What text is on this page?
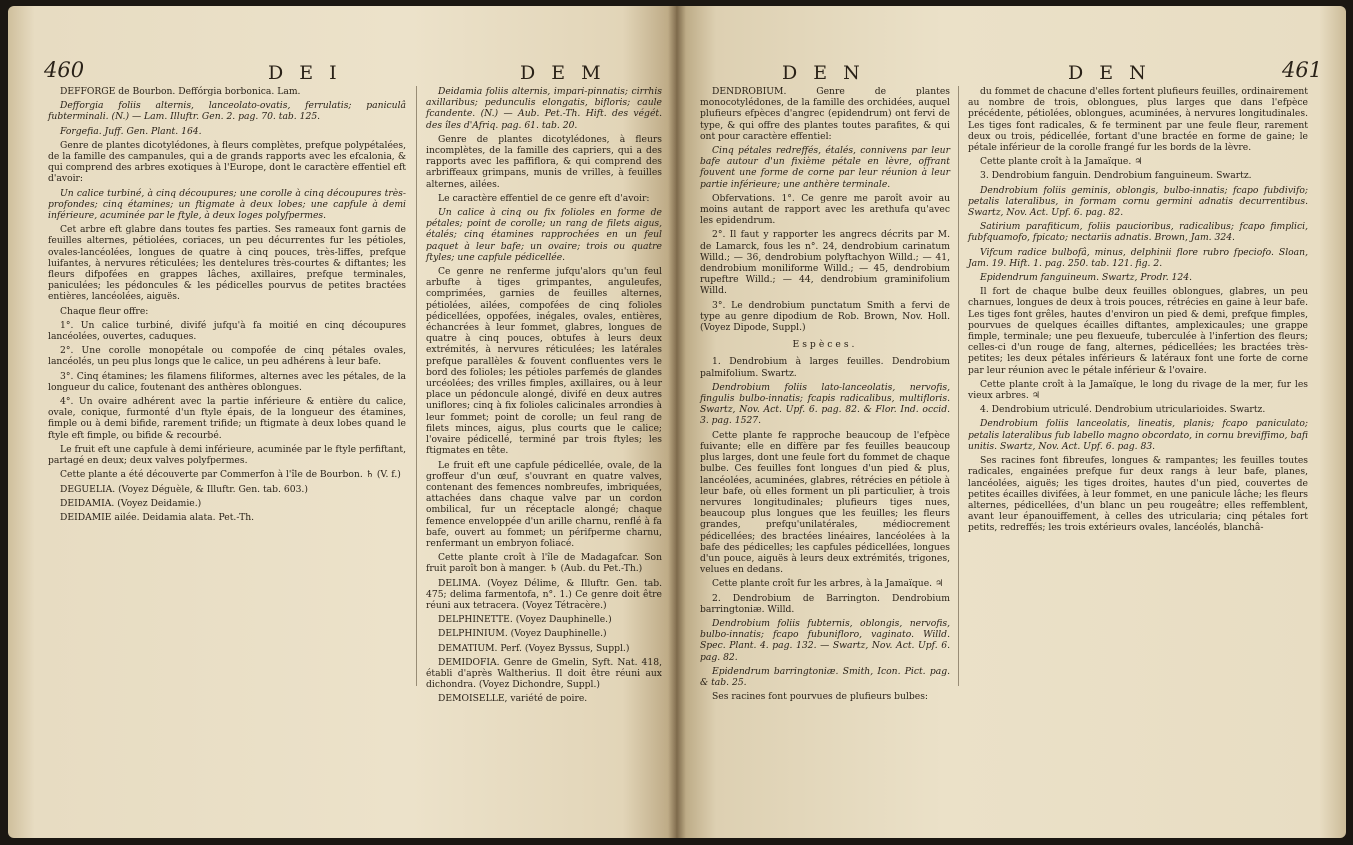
460	D E I	D E M

DEFFORGE de Bourbon. Deffórgia borbonica. Lam.

Defforgia foliis alternis, lanceolato-ovatis, ferrulatis; paniculâ fubterminali. (N.) — Lam. Illuftr. Gen. 2. pag. 70. tab. 125.

Forgefia. Juff. Gen. Plant. 164.

Genre de plantes dicotylédones, à fleurs complètes, prefque polypétalées, de la famille des campanules, qui a de grands rapports avec les efcalonia, & qui comprend des arbres exotiques à l'Europe, dont le caractère effentiel eft d'avoir:

Un calice turbiné, à cinq découpures; une corolle à cinq découpures très-profondes; cinq étamines; un ftigmate à deux lobes; une capfule à demi inférieure, acuminée par le ftyle, à deux loges polyfpermes.

Cet arbre eft glabre dans toutes fes parties. Ses rameaux font garnis de feuilles alternes, pétiolées, coriaces, un peu décurrentes fur les pétioles, ovales-lancéolées, longues de quatre à cinq pouces, très-liffes, prefque luifantes, à nervures réticulées; les dentelures très-courtes & diftantes; les fleurs difpofées en grappes lâches, axillaires, prefque terminales, paniculées; les pédoncules & les pédicelles pourvus de petites bractées entières, lancéolées, aiguës.

Chaque fleur offre:

1°. Un calice turbiné, divifé jufqu'à fa moitié en cinq découpures lancéolées, ouvertes, caduques.

2°. Une corolle monopétale ou compofée de cinq pétales ovales, lancéolés, un peu plus longs que le calice, un peu adhérens à leur bafe.

3°. Cinq étamines; les filamens filiformes, alternes avec les pétales, de la longueur du calice, foutenant des anthères oblongues.

4°. Un ovaire adhérent avec la partie inférieure & entière du calice, ovale, conique, furmonté d'un ftyle épais, de la longueur des étamines, fimple ou à demi bifide, rarement trifide; un ftigmate à deux lobes quand le ftyle eft fimple, ou bifide & recourbé.

Le fruit eft une capfule à demi inférieure, acuminée par le ftyle perfiftant, partagé en deux; deux valves polyfpermes.

Cette plante a été découverte par Commerfon à l'île de Bourbon. ♄ (V. f.)

DEGUELIA. (Voyez Déguèle, & Illuftr. Gen. tab. 603.)

DEIDAMIA. (Voyez Deidamie.)

DEIDAMIE ailée. Deidamia alata. Pet.-Th.

Deidamia foliis alternis, impari-pinnatis; cirrhis axillaribus; pedunculis elongatis, bifloris; caule fcandente. (N.) — Aub. Pet.-Th. Hift. des végét. des îles d'Afriq. pag. 61. tab. 20.

Genre de plantes dicotylédones, à fleurs incomplètes, de la famille des capriers, qui a des rapports avec les paffiflora, & qui comprend des arbriffeaux grimpans, munis de vrilles, à feuilles alternes, ailées.

Le caractère effentiel de ce genre eft d'avoir:

Un calice à cinq ou fix folioles en forme de pétales; point de corolle; un rang de filets aigus, étalés; cinq étamines rapprochées en un feul paquet à leur bafe; un ovaire; trois ou quatre ftyles; une capfule pédicellée.

Ce genre ne renferme jufqu'alors qu'un feul arbufte à tiges grimpantes, anguleufes, comprimées, garnies de feuilles alternes, pétiolées, ailées, compofées de cinq folioles pédicellées, oppofées, inégales, ovales, entières, échancrées à leur fommet, glabres, longues de quatre à cinq pouces, obtufes à leurs deux extrémités, à nervures réticulées; les latérales prefque parallèles & fouvent confluentes vers le bord des folioles; les pétioles parfemés de glandes urcéolées; des vrilles fimples, axillaires, ou à leur place un pédoncule alongé, divifé en deux autres uniflores; cinq à fix folioles calicinales arrondies à leur fommet; point de corolle; un feul rang de filets minces, aigus, plus courts que le calice; l'ovaire pédicellé, terminé par trois ftyles; les ftigmates en tête.

Le fruit eft une capfule pédicellée, ovale, de la groffeur d'un œuf, s'ouvrant en quatre valves, contenant des femences nombreufes, imbriquées, attachées dans chaque valve par un cordon ombilical, fur un réceptacle alongé; chaque femence enveloppée d'un arille charnu, renflé à fa bafe, ouvert au fommet; un périfperme charnu, renfermant un embryon foliacé.

Cette plante croît à l'île de Madagafcar. Son fruit paroît bon à manger. ♄ (Aub. du Pet.-Th.)

DELIMA. (Voyez Délime, & Illuftr. Gen. tab. 475; delima farmentofa, n°. 1.) Ce genre doit être réuni aux tetracera. (Voyez Tétracère.)

DELPHINETTE. (Voyez Dauphinelle.)

DELPHINIUM. (Voyez Dauphinelle.)

DEMATIUM. Perf. (Voyez Byssus, Suppl.)

DEMIDOFIA. Genre de Gmelin, Syft. Nat. 418, établi d'après Waltherius. Il doit être réuni aux dichondra. (Voyez Dichondre, Suppl.)

DEMOISELLE, variété de poire.

D E N	D E N	461

DENDROBIUM. Genre de plantes monocotylédones, de la famille des orchidées, auquel plufieurs efpèces d'angrec (epidendrum) ont fervi de type, & qui offre des plantes toutes parafites, & qui ont pour caractère effentiel:

Cinq pétales redreffés, étalés, connivens par leur bafe autour d'un fixième pétale en lèvre, offrant fouvent une forme de corne par leur réunion à leur partie inférieure; une anthère terminale.

Obfervations. 1°. Ce genre me paroît avoir au moins autant de rapport avec les arethufa qu'avec les epidendrum.

2°. Il faut y rapporter les angrecs décrits par M. de Lamarck, fous les n°. 24, dendrobium carinatum Willd.; — 36, dendrobium polyftachyon Willd.; — 41, dendrobium moniliforme Willd.; — 45, dendrobium rupeftre Willd.; — 44, dendrobium graminifolium Willd.

3°. Le dendrobium punctatum Smith a fervi de type au genre dipodium de Rob. Brown, Nov. Holl. (Voyez Dipode, Suppl.)

Espèces.

1. Dendrobium à larges feuilles. Dendrobium palmifolium. Swartz.

Dendrobium foliis lato-lanceolatis, nervofis, fingulis bulbo-innatis; fcapis radicalibus, multifloris. Swartz, Nov. Act. Upf. 6. pag. 82. & Flor. Ind. occid. 3. pag. 1527.

Cette plante fe rapproche beaucoup de l'efpèce fuivante; elle en diffère par fes feuilles beaucoup plus larges, dont une feule fort du fommet de chaque bulbe. Ces feuilles font longues d'un pied & plus, lancéolées, acuminées, glabres, rétrécies en pétiole à leur bafe, où elles forment un pli particulier, à trois nervures longitudinales; plufieurs tiges nues, beaucoup plus longues que les feuilles; les fleurs grandes, prefqu'unilatérales, médiocrement pédicellées; des bractées linéaires, lancéolées à la bafe des pédicelles; les capfules pédicellées, longues d'un pouce, aiguës à leurs deux extrémités, trigones, velues en dedans.

Cette plante croît fur les arbres, à la Jamaïque. ♃

2. Dendrobium de Barrington. Dendrobium barringtoniæ. Willd.

Dendrobium foliis fubternis, oblongis, nervofis, bulbo-innatis; fcapo fubunifloro, vaginato. Willd. Spec. Plant. 4. pag. 132. — Swartz, Nov. Act. Upf. 6. pag. 82.

Epidendrum barringtoniæ. Smith, Icon. Pict. pag. & tab. 25.

Ses racines font pourvues de plufieurs bulbes:

du fommet de chacune d'elles fortent plufieurs feuilles, ordinairement au nombre de trois, oblongues, plus larges que dans l'efpèce précédente, pétiolées, oblongues, acuminées, à nervures longitudinales. Les tiges font radicales, & fe terminent par une feule fleur, rarement deux ou trois, pédicellée, fortant d'une bractée en forme de gaine; le pétale inférieur de la corolle frangé fur les bords de la lèvre.

Cette plante croît à la Jamaïque. ♃

3. Dendrobium fanguin. Dendrobium fanguineum. Swartz.

Dendrobium foliis geminis, oblongis, bulbo-innatis; fcapo fubdivifo; petalis lateralibus, in formam cornu germini adnatis decurrentibus. Swartz, Nov. Act. Upf. 6. pag. 82.

Satirium parafiticum, foliis paucioribus, radicalibus; fcapo fimplici, fubfquamofo, fpicato; nectariis adnatis. Brown, Jam. 324.

Vifcum radice bulbofâ, minus, delphinii flore rubro fpeciofo. Sloan, Jam. 19. Hift. 1. pag. 250. tab. 121. fig. 2.

Epidendrum fanguineum. Swartz, Prodr. 124.

Il fort de chaque bulbe deux feuilles oblongues, glabres, un peu charnues, longues de deux à trois pouces, rétrécies en gaine à leur bafe. Les tiges font grêles, hautes d'environ un pied & demi, prefque fimples, pourvues de quelques écailles diftantes, amplexicaules; une grappe fimple, terminale; une peu flexueufe, tuberculée à l'infertion des fleurs; celles-ci d'un rouge de fang, alternes, pédicellées; les bractées très-petites; les deux pétales inférieurs & latéraux font une forte de corne par leur réunion avec le pétale inférieur & l'ovaire.

Cette plante croît à la Jamaïque, le long du rivage de la mer, fur les vieux arbres. ♃

4. Dendrobium utriculé. Dendrobium utricularioides. Swartz.

Dendrobium foliis lanceolatis, lineatis, planis; fcapo paniculato; petalis lateralibus fub labello magno obcordato, in cornu breviffimo, bafi unitis. Swartz, Nov. Act. Upf. 6. pag. 83.

Ses racines font fibreufes, longues & rampantes; les feuilles toutes radicales, engainées prefque fur deux rangs à leur bafe, planes, lancéolées, aiguës; les tiges droites, hautes d'un pied, couvertes de petites écailles divifées, à leur fommet, en une panicule lâche; les fleurs alternes, pédicellées, d'un blanc un peu rougeâtre; elles reffemblent, avant leur épanouiffement, à celles des utricularia; cinq pétales fort petits, redreffés; les trois extérieurs ovales, lancéolés, blanchâ-
